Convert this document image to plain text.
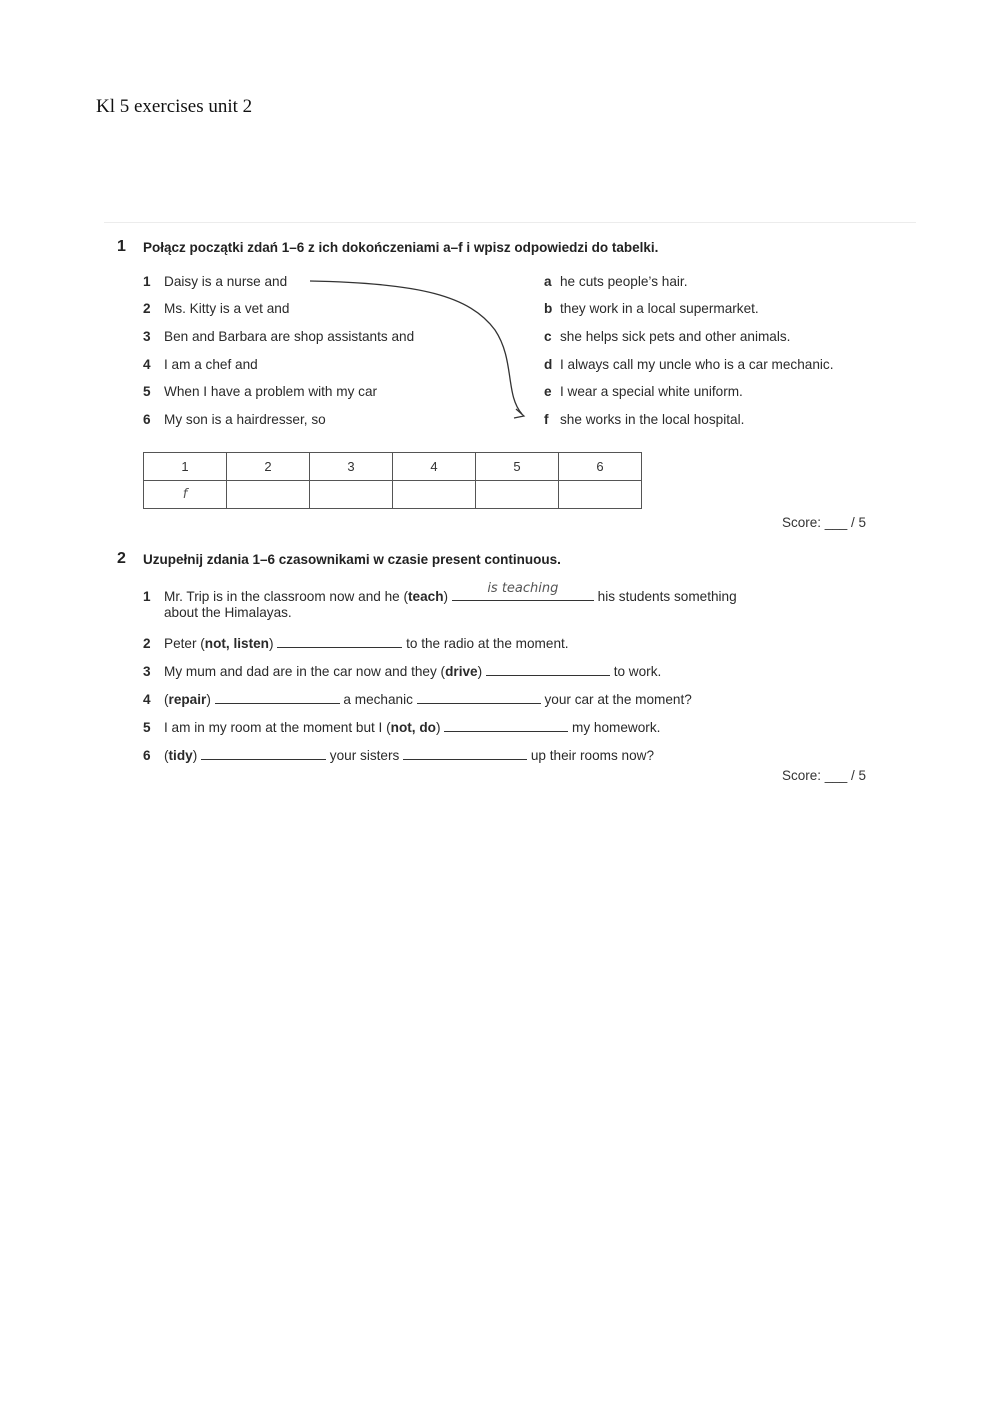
Kl 5 exercises unit 2
1 Połącz początki zdań 1–6 z ich dokończeniami a–f i wpisz odpowiedzi do tabelki.
1 Daisy is a nurse and
2 Ms. Kitty is a vet and
3 Ben and Barbara are shop assistants and
4 I am a chef and
5 When I have a problem with my car
6 My son is a hairdresser, so
a he cuts people’s hair.
b they work in a local supermarket.
c she helps sick pets and other animals.
d I always call my uncle who is a car mechanic.
e I wear a special white uniform.
f she works in the local hospital.
1	2	3	4	5	6
f					
Score: ___ / 5
2 Uzupełnij zdania 1–6 czasownikami w czasie present continuous.
1 Mr. Trip is in the classroom now and he (teach)
is teaching
his students something
about the Himalayas.
2 Peter (not, listen)	to the radio at the moment.
3 My mum and dad are in the car now and they (drive)	to work.
4 (repair)	a mechanic	your car at the moment?
5 I am in my room at the moment but I (not, do)	my homework.
6 (tidy)	your sisters	up their rooms now?
Score: ___ / 5
